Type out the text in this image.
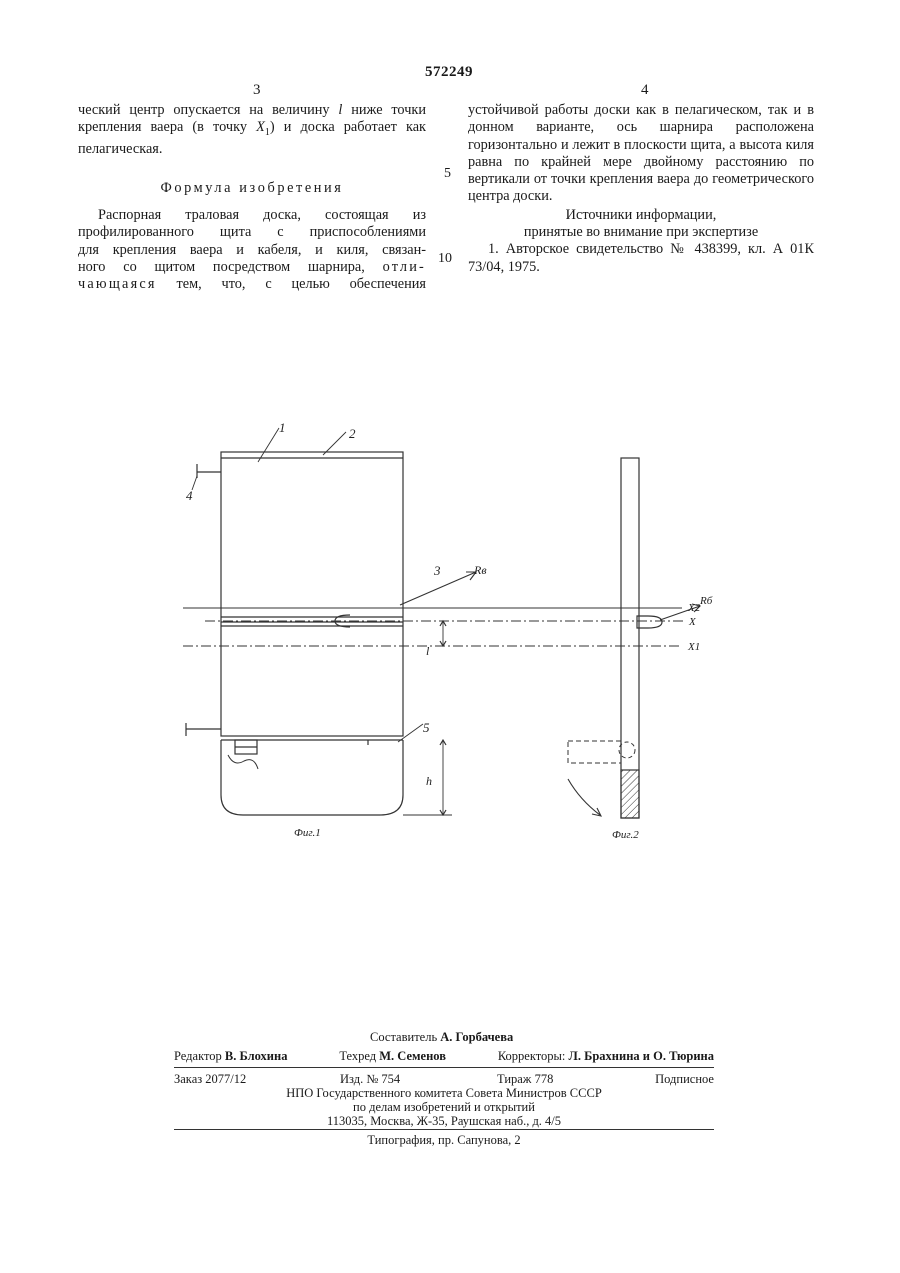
572249
3	4

ческий центр опускается на величину l ниже точки крепления ваера (в точку $X_1$) и доска работает как пелагическая.

Формула изобретения

Распорная траловая доска, состоящая из

профилированного щита с приспособлениями

для крепления ваера и кабеля, и киля, связан-

ного со щитом посредством шарнира, отли-

чающаяся тем, что, с целью обеспечения

5
10

устойчивой работы доски как в пелагическом, так и в донном варианте, ось шарнира расположена горизонтально и лежит в плоскости щита, а высота киля равна по крайней мере двойному расстоянию по вертикали от точки крепления ваера до геометрического центра доски.

Источники информации,

принятые во внимание при экспертизе

1. Авторское свидетельство № 438399, кл. А 01К 73/04, 1975.

1	2
3
4
5
Rв
Rб
l
h
X2
X
X1
Фиг.1	Фиг.2
Составитель А. Горбачева
Редактор В. Блохина	Техред М. Семенов	Корректоры: Л. Брахнина и О. Тюрина
Заказ 2077/12	Изд. № 754	Тираж 778	Подписное
НПО Государственного комитета Совета Министров СССР
по делам изобретений и открытий
113035, Москва, Ж-35, Раушская наб., д. 4/5
Типография, пр. Сапунова, 2
